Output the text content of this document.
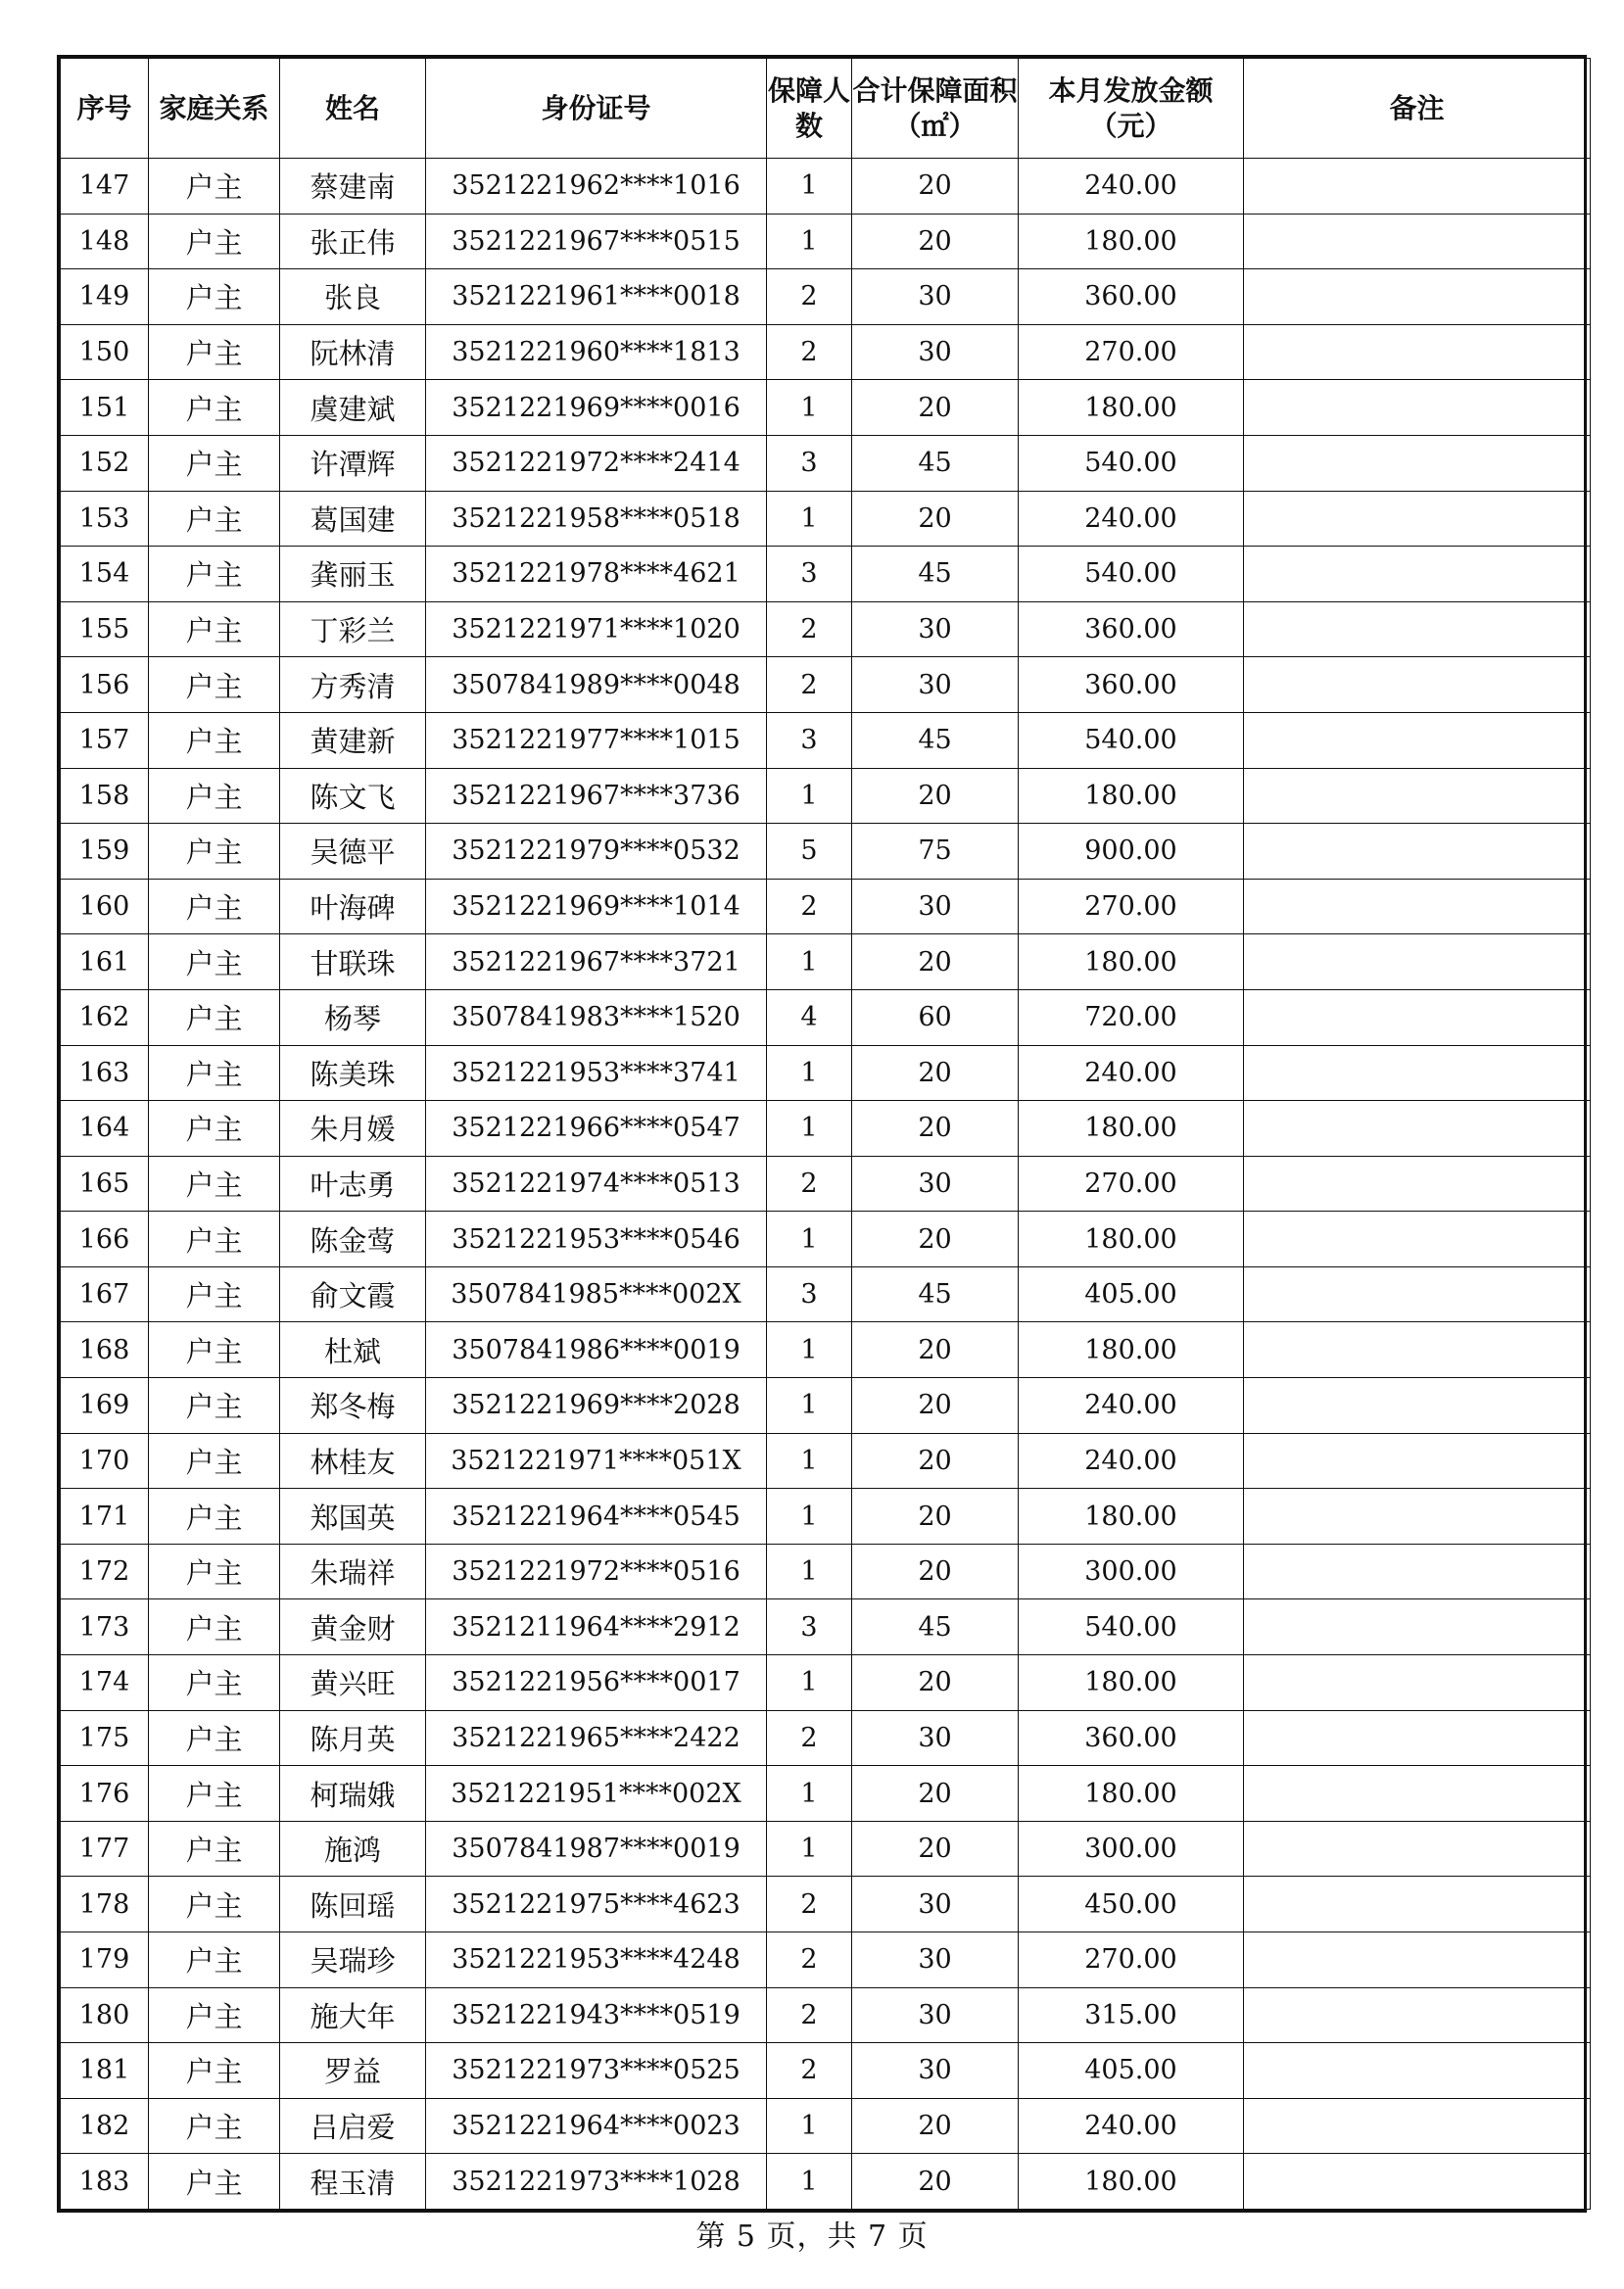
序号	家庭关系	姓名	身份证号	保障人数	合计保障面积（㎡）	本月发放金额（元）	备注
147	户主	蔡建南	3521221962****1016	1	20	240.00	
148	户主	张正伟	3521221967****0515	1	20	180.00	
149	户主	张良	3521221961****0018	2	30	360.00	
150	户主	阮林清	3521221960****1813	2	30	270.00	
151	户主	虞建斌	3521221969****0016	1	20	180.00	
152	户主	许潭辉	3521221972****2414	3	45	540.00	
153	户主	葛国建	3521221958****0518	1	20	240.00	
154	户主	龚丽玉	3521221978****4621	3	45	540.00	
155	户主	丁彩兰	3521221971****1020	2	30	360.00	
156	户主	方秀清	3507841989****0048	2	30	360.00	
157	户主	黄建新	3521221977****1015	3	45	540.00	
158	户主	陈文飞	3521221967****3736	1	20	180.00	
159	户主	吴德平	3521221979****0532	5	75	900.00	
160	户主	叶海碑	3521221969****1014	2	30	270.00	
161	户主	甘联珠	3521221967****3721	1	20	180.00	
162	户主	杨琴	3507841983****1520	4	60	720.00	
163	户主	陈美珠	3521221953****3741	1	20	240.00	
164	户主	朱月媛	3521221966****0547	1	20	180.00	
165	户主	叶志勇	3521221974****0513	2	30	270.00	
166	户主	陈金莺	3521221953****0546	1	20	180.00	
167	户主	俞文霞	3507841985****002X	3	45	405.00	
168	户主	杜斌	3507841986****0019	1	20	180.00	
169	户主	郑冬梅	3521221969****2028	1	20	240.00	
170	户主	林桂友	3521221971****051X	1	20	240.00	
171	户主	郑国英	3521221964****0545	1	20	180.00	
172	户主	朱瑞祥	3521221972****0516	1	20	300.00	
173	户主	黄金财	3521211964****2912	3	45	540.00	
174	户主	黄兴旺	3521221956****0017	1	20	180.00	
175	户主	陈月英	3521221965****2422	2	30	360.00	
176	户主	柯瑞娥	3521221951****002X	1	20	180.00	
177	户主	施鸿	3507841987****0019	1	20	300.00	
178	户主	陈回瑶	3521221975****4623	2	30	450.00	
179	户主	吴瑞珍	3521221953****4248	2	30	270.00	
180	户主	施大年	3521221943****0519	2	30	315.00	
181	户主	罗益	3521221973****0525	2	30	405.00	
182	户主	吕启爱	3521221964****0023	1	20	240.00	
183	户主	程玉清	3521221973****1028	1	20	180.00	
第 5 页，共 7 页
